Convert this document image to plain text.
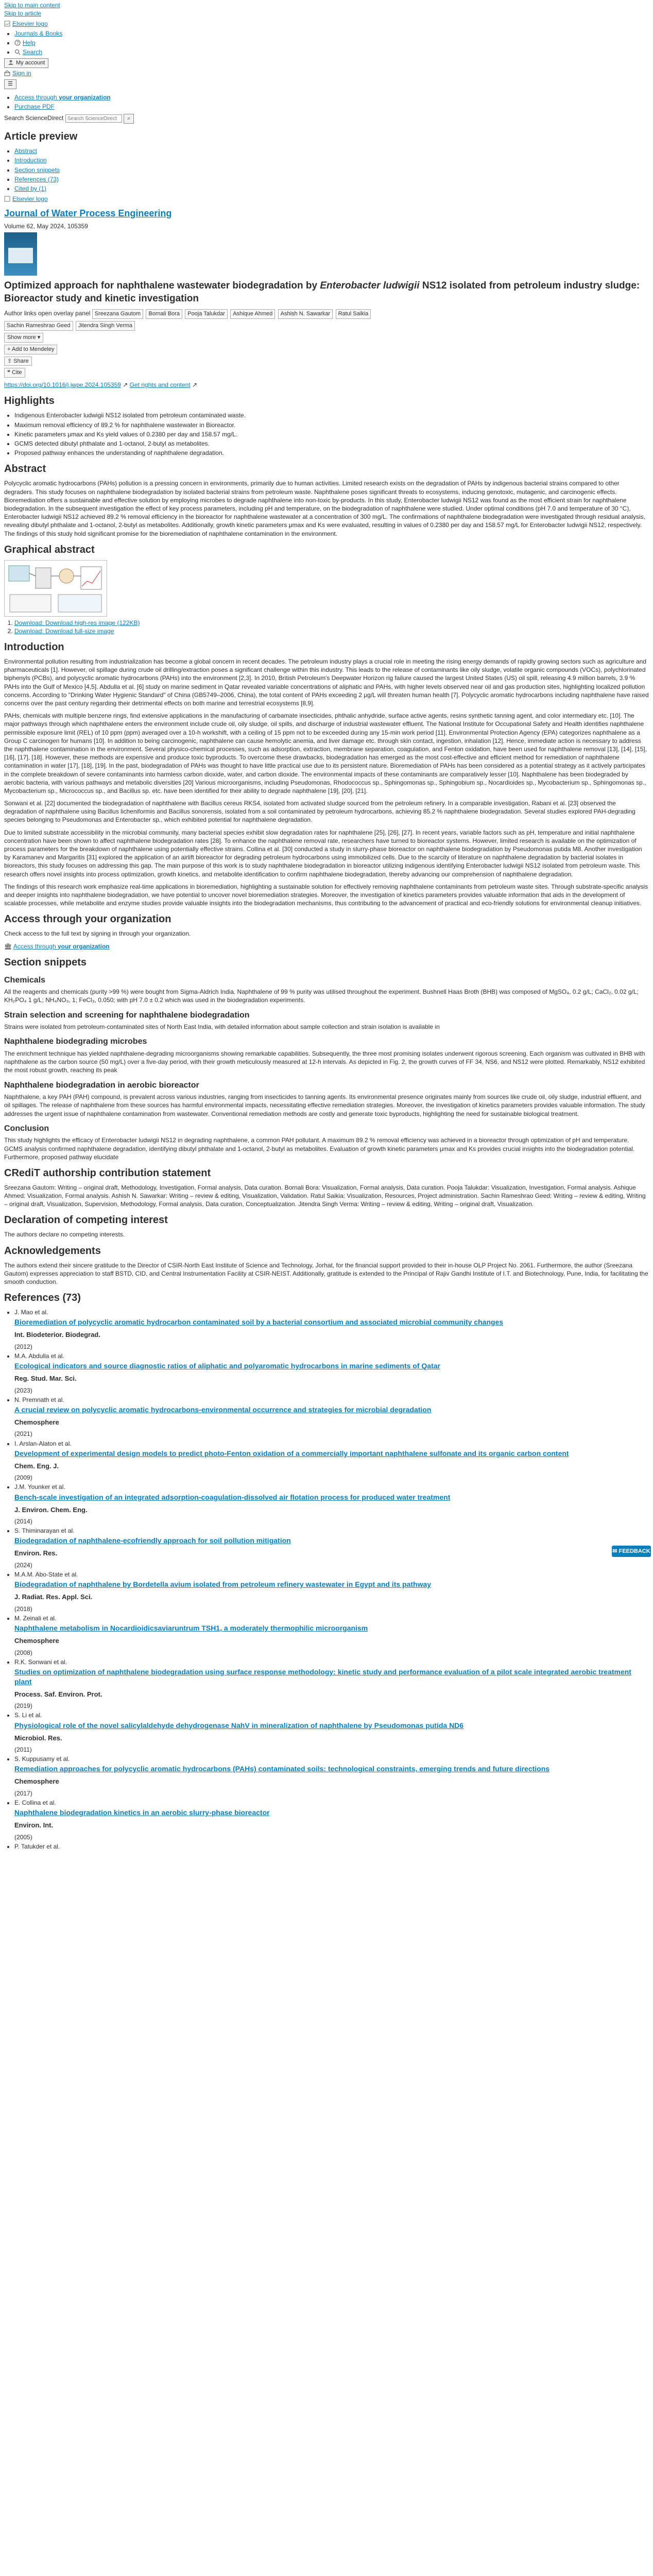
Skip to main content
Skip to article
Elsevier logo
• Journals & Books
• ? Help
• Search
My account
Sign in
☰
• Access through your organization
• Purchase PDF
Search ScienceDirect Search ScienceDirect	⌕
Article preview
• Abstract
• Introduction
• Section snippets
• References (73)
• Cited by (1)
Elsevier logo
Journal of Water Process Engineering
Volume 62, May 2024, 105359
Optimized approach for naphthalene wastewater biodegradation by Enterobacter ludwigii NS12 isolated from petroleum industry sludge: Bioreactor study and kinetic investigation
Author links open overlay panel Sreezana Gautom Bornali Bora Pooja Talukdar Ashique Ahmed Ashish N. Sawarkar Ratul Saikia
Sachin Rameshrao Geed Jitendra Singh Verma
Show more ▾
+ Add to Mendeley
⇪ Share
❝ Cite
https://doi.org/10.1016/j.jwpe.2024.105359 ↗ Get rights and content ↗
Highlights
• Indigenous Enterobacter ludwigii NS12 isolated from petroleum contaminated waste.
• Maximum removal efficiency of 89.2 % for naphthalene wastewater in Bioreactor.
• Kinetic parameters μmax and Ks yield values of 0.2380 per day and 158.57 mg/L.
• GCMS detected dibutyl phthalate and 1-octanol, 2-butyl as metabolites.
• Proposed pathway enhances the understanding of naphthalene degradation.
Abstract

Polycyclic aromatic hydrocarbons (PAHs) pollution is a pressing concern in environments, primarily due to human activities. Limited research exists on the degradation of PAHs by indigenous bacterial strains compared to other degraders. This study focuses on naphthalene biodegradation by isolated bacterial strains from petroleum waste. Naphthalene poses significant threats to ecosystems, inducing genotoxic, mutagenic, and carcinogenic effects. Bioremediation offers a sustainable and effective solution by employing microbes to degrade naphthalene into non-toxic by-products. In this study, Enterobacter ludwigii NS12 was found as the most efficient strain for naphthalene biodegradation. In the subsequent investigation the effect of key process parameters, including pH and temperature, on the biodegradation of naphthalene were studied. Under optimal conditions (pH 7.0 and temperature of 30 °C), Enterobacter ludwigii NS12 achieved 89.2 % removal efficiency in the bioreactor for naphthalene wastewater at a concentration of 300 mg/L. The confirmations of naphthalene biodegradation were investigated through residual analysis, revealing dibutyl phthalate and 1-octanol, 2-butyl as metabolites. Additionally, growth kinetic parameters μmax and Ks were evaluated, resulting in values of 0.2380 per day and 158.57 mg/L for Enterobacter ludwigii NS12, respectively. The findings of this study hold significant promise for the bioremediation of naphthalene contamination in the environment.

Graphical abstract
1. Download: Download high-res image (122KB)
2. Download: Download full-size image
Introduction

Environmental pollution resulting from industrialization has become a global concern in recent decades. The petroleum industry plays a crucial role in meeting the rising energy demands of rapidly growing sectors such as agriculture and pharmaceuticals [1]. However, oil spillage during crude oil drilling/extraction poses a significant challenge within this industry. This leads to the release of contaminants like oily sludge, volatile organic compounds (VOCs), polychlorinated biphenyls (PCBs), and polycyclic aromatic hydrocarbons (PAHs) into the environment [2,3]. In 2010, British Petroleum's Deepwater Horizon rig failure caused the largest United States (US) oil spill, releasing 4.9 million barrels, 3.9 % PAHs into the Gulf of Mexico [4,5]. Abdulla et al. [6] study on marine sediment in Qatar revealed variable concentrations of aliphatic and PAHs, with higher levels observed near oil and gas production sites, highlighting localized pollution concerns. According to "Drinking Water Hygienic Standard" of China (GB5749–2006, China), the total content of PAHs exceeding 2 μg/L will threaten human health [7]. Polycyclic aromatic hydrocarbons including naphthalene have raised concerns over the past century regarding their detrimental effects on both marine and terrestrial ecosystems [8,9].

PAHs, chemicals with multiple benzene rings, find extensive applications in the manufacturing of carbamate insecticides, phthalic anhydride, surface active agents, resins synthetic tanning agent, and color intermediary etc. [10]. The major pathways through which naphthalene enters the environment include crude oil, oily sludge, oil spills, and discharge of industrial wastewater effluent. The National Institute for Occupational Safety and Health identifies naphthalene permissible exposure limit (REL) of 10 ppm (ppm) averaged over a 10-h workshift, with a ceiling of 15 ppm not to be exceeded during any 15-min work period [11]. Environmental Protection Agency (EPA) categorizes naphthalene as a Group C carcinogen for humans [10]. In addition to being carcinogenic, naphthalene can cause hemolytic anemia, and liver damage etc. through skin contact, ingestion, inhalation [12]. Hence, immediate action is necessary to address the naphthalene contamination in the environment. Several physico-chemical processes, such as adsorption, extraction, membrane separation, coagulation, and Fenton oxidation, have been used for naphthalene removal [13], [14], [15], [16], [17], [18]. However, these methods are expensive and produce toxic byproducts. To overcome these drawbacks, biodegradation has emerged as the most cost-effective and efficient method for remediation of naphthalene contamination in water [17], [18], [19]. In the past, biodegradation of PAHs was thought to have little practical use due to its persistent nature. Bioremediation of PAHs has been considered as a potential strategy as it actively participates in the complete breakdown of severe contaminants into harmless carbon dioxide, water, and carbon dioxide. The environmental impacts of these contaminants are comparatively lesser [10]. Naphthalene has been biodegraded by aerobic bacteria, with various pathways and metabolic diversities [20] Various microorganisms, including Pseudomonas, Rhodococcus sp., Sphingomonas sp., Sphingobium sp., Nocardioides sp., Mycobacterium sp., Sphingomonas sp., Mycobacterium sp., Micrococcus sp., and Bacillus sp. etc. have been identified for their ability to degrade naphthalene [19], [20], [21].

Sonwani et al. [22] documented the biodegradation of naphthalene with Bacillus cereus RKS4, isolated from activated sludge sourced from the petroleum refinery. In a comparable investigation, Rabani et al. [23] observed the degradation of naphthalene using Bacillus licheniformis and Bacillus sonorensis, isolated from a soil contaminated by petroleum hydrocarbons, achieving 85.2 % naphthalene biodegradation. Several studies explored PAH-degrading species belonging to Pseudomonas and Enterobacter sp., which exhibited potential for naphthalene degradation.

Due to limited substrate accessibility in the microbial community, many bacterial species exhibit slow degradation rates for naphthalene [25], [26], [27]. In recent years, variable factors such as pH, temperature and initial naphthalene concentration have been shown to affect naphthalene biodegradation rates [28]. To enhance the naphthalene removal rate, researchers have turned to bioreactor systems. However, limited research is available on the optimization of process parameters for the breakdown of naphthalene using potentially effective strains. Collina et al. [30] conducted a study in slurry-phase bioreactor on naphthalene biodegradation by Pseudomonas putida M8. Another investigation by Karamanev and Margaritis [31] explored the application of an airlift bioreactor for degrading petroleum hydrocarbons using immobilized cells. Due to the scarcity of literature on naphthalene degradation by bacterial isolates in bioreactors, this study focuses on addressing this gap. The main purpose of this work is to study naphthalene biodegradation in bioreactor utilizing indigenous identifying Enterobacter ludwigii NS12 isolated from petroleum waste. This research offers novel insights into process optimization, growth kinetics, and metabolite identification to confirm naphthalene biodegradation, thereby advancing our comprehension of naphthalene degradation.

The findings of this research work emphasize real-time applications in bioremediation, highlighting a sustainable solution for effectively removing naphthalene contaminants from petroleum waste sites. Through substrate-specific analysis and deeper insights into naphthalene biodegradation, we have potential to uncover novel bioremediation strategies. Moreover, the investigation of kinetics parameters provides valuable information that aids in the development of scalable processes, while metabolite and enzyme studies provide valuable insights into the biodegradation mechanisms, thus contributing to the advancement of practical and eco-friendly solutions for environmental cleanup initiatives.

Access through your organization

Check access to the full text by signing in through your organization.

🏛 Access through your organization
Section snippets
Chemicals

All the reagents and chemicals (purity >99 %) were bought from Sigma-Aldrich India. Naphthalene of 99 % purity was utilised throughout the experiment. Bushnell Haas Broth (BHB) was composed of MgSO₄, 0.2 g/L; CaCl₂, 0.02 g/L; KH₂PO₄ 1 g/L; NH₄NO₃, 1; FeCl₃, 0.050; with pH 7.0 ± 0.2 which was used in the biodegradation experiments.

Strain selection and screening for naphthalene biodegradation

Strains were isolated from petroleum-contaminated sites of North East India, with detailed information about sample collection and strain isolation is available in

Naphthalene biodegrading microbes

The enrichment technique has yielded naphthalene-degrading microorganisms showing remarkable capabilities. Subsequently, the three most promising isolates underwent rigorous screening. Each organism was cultivated in BHB with naphthalene as the carbon source (50 mg/L) over a five-day period, with their growth meticulously measured at 12-h intervals. As depicted in Fig. 2, the growth curves of FF 34, NS6, and NS12 were plotted. Remarkably, NS12 exhibited the most robust growth, reaching its peak

Naphthalene biodegradation in aerobic bioreactor

Naphthalene, a key PAH (PAH) compound, is prevalent across various industries, ranging from insecticides to tanning agents. Its environmental presence originates mainly from sources like crude oil, oily sludge, industrial effluent, and oil spillages. The release of naphthalene from these sources has harmful environmental impacts, necessitating effective remediation strategies. Moreover, the investigation of kinetics parameters provides valuable information. The study addresses the urgent issue of naphthalene contamination from wastewater. Conventional remediation methods are costly and generate toxic byproducts, highlighting the need for sustainable biological treatment.

Conclusion

This study highlights the efficacy of Enterobacter ludwigii NS12 in degrading naphthalene, a common PAH pollutant. A maximum 89.2 % removal efficiency was achieved in a bioreactor through optimization of pH and temperature. GCMS analysis confirmed naphthalene degradation, identifying dibutyl phthalate and 1-octanol, 2-butyl as metabolites. Evaluation of growth kinetic parameters μmax and Ks provides crucial insights into the biodegradation potential. Furthermore, proposed pathway elucidate

CRediT authorship contribution statement

Sreezana Gautom: Writing – original draft, Methodology, Investigation, Formal analysis, Data curation. Bornali Bora: Visualization, Formal analysis, Data curation. Pooja Talukdar: Visualization, Investigation, Formal analysis. Ashique Ahmed: Visualization, Formal analysis. Ashish N. Sawarkar: Writing – review & editing, Visualization, Validation. Ratul Saikia: Visualization, Resources, Project administration. Sachin Rameshrao Geed: Writing – review & editing, Writing – original draft, Visualization, Supervision, Methodology, Formal analysis, Data curation, Conceptualization. Jitendra Singh Verma: Writing – review & editing, Writing – original draft, Visualization.

Declaration of competing interest

The authors declare no competing interests.

Acknowledgements

The authors extend their sincere gratitude to the Director of CSIR-North East Institute of Science and Technology, Jorhat, for the financial support provided to their in-house OLP Project No. 2061. Furthermore, the author (Sreezana Gautom) expresses appreciation to staff BSTD, CID, and Central Instrumentation Facility at CSIR-NEIST. Additionally, gratitude is extended to the Principal of Rajiv Gandhi Institute of I.T. and Biotechnology, Pune, India, for facilitating the smooth conduction.

References (73)
• J. Mao et al.
Bioremediation of polycyclic aromatic hydrocarbon contaminated soil by a bacterial consortium and associated microbial community changes
Int. Biodeterior. Biodegrad.
(2012)
• M.A. Abdulla et al.
Ecological indicators and source diagnostic ratios of aliphatic and polyaromatic hydrocarbons in marine sediments of Qatar
Reg. Stud. Mar. Sci.
(2023)
• N. Premnath et al.
A crucial review on polycyclic aromatic hydrocarbons-environmental occurrence and strategies for microbial degradation
Chemosphere
(2021)
• I. Arslan-Alaton et al.
Development of experimental design models to predict photo-Fenton oxidation of a commercially important naphthalene sulfonate and its organic carbon content
Chem. Eng. J.
(2009)
• J.M. Younker et al.
Bench-scale investigation of an integrated adsorption-coagulation-dissolved air flotation process for produced water treatment
J. Environ. Chem. Eng.
(2014)
• S. Thiminarayan et al.
Biodegradation of naphthalene-ecofriendly approach for soil pollution mitigation
Environ. Res.
(2024)
• M.A.M. Abo-State et al.
Biodegradation of naphthalene by Bordetella avium isolated from petroleum refinery wastewater in Egypt and its pathway
J. Radiat. Res. Appl. Sci.
(2018)
• M. Zeinali et al.
Naphthalene metabolism in Nocardioidicsaviaruntrum TSH1, a moderately thermophilic microorganism
Chemosphere
(2008)
• R.K. Sonwani et al.
Studies on optimization of naphthalene biodegradation using surface response methodology: kinetic study and performance evaluation of a pilot scale integrated aerobic treatment plant
Process. Saf. Environ. Prot.
(2019)
• S. Li et al.
Physiological role of the novel salicylaldehyde dehydrogenase NahV in mineralization of naphthalene by Pseudomonas putida ND6
Microbiol. Res.
(2011)
• S. Kuppusamy et al.
Remediation approaches for polycyclic aromatic hydrocarbons (PAHs) contaminated soils: technological constraints, emerging trends and future directions
Chemosphere
(2017)
• E. Collina et al.
Naphthalene biodegradation kinetics in an aerobic slurry-phase bioreactor
Environ. Int.
(2005)
• P. Tatukder et al.
✉ FEEDBACK
